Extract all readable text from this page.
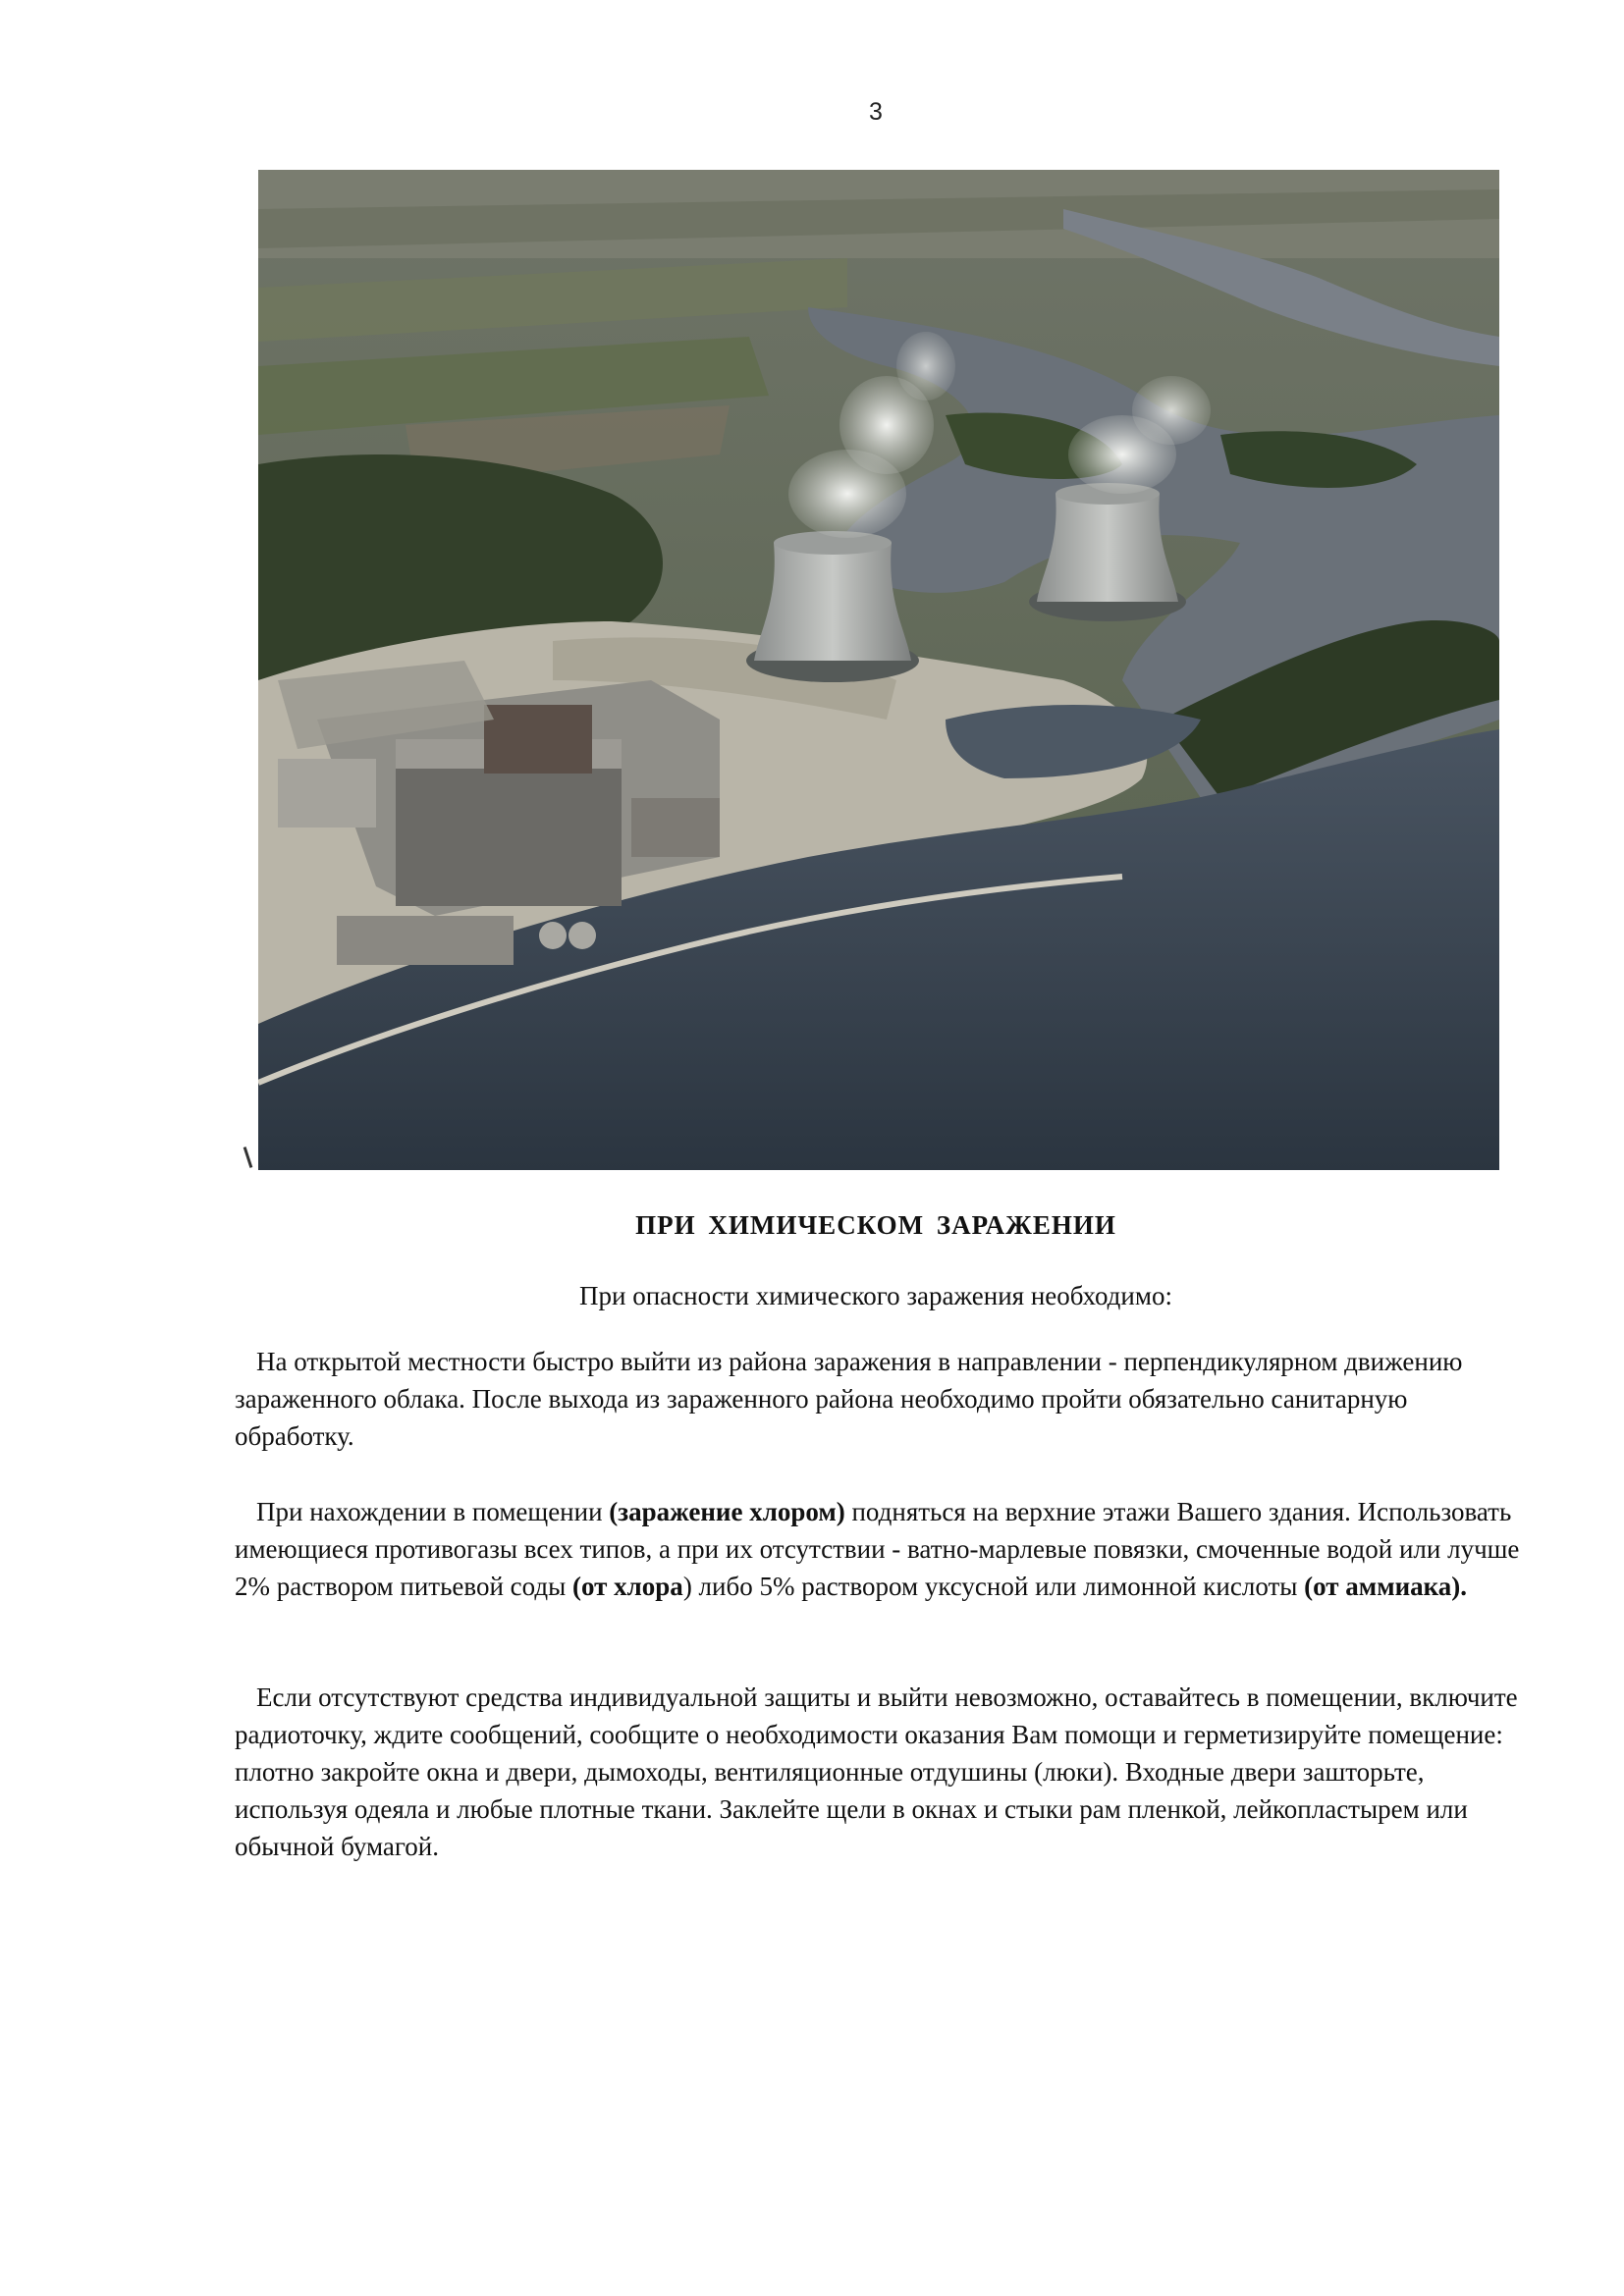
3
ПРИ ХИМИЧЕСКОМ ЗАРАЖЕНИИ
При опасности химического заражения необходимо:

На открытой местности быстро выйти из района заражения в направлении - перпендикулярном движению зараженного облака. После выхода из зараженного района необходимо пройти обязательно санитарную обработку.

При нахождении в помещении (заражение хлором) подняться на верхние этажи Вашего здания. Использовать имеющиеся противогазы всех типов, а при их отсутствии - ватно-марлевые повязки, смоченные водой или лучше 2% раствором питьевой соды (от хлора) либо 5% раствором уксусной или лимонной кислоты (от аммиака).

Если отсутствуют средства индивидуальной защиты и выйти невозможно, оставайтесь в помещении, включите радиоточку, ждите сообщений, сообщите о необходимости оказания Вам помощи и герметизируйте помещение: плотно закройте окна и двери, дымоходы, вентиляционные отдушины (люки). Входные двери зашторьте, используя одеяла и любые плотные ткани. Заклейте щели в окнах и стыки рам пленкой, лейкопластырем или обычной бумагой.
